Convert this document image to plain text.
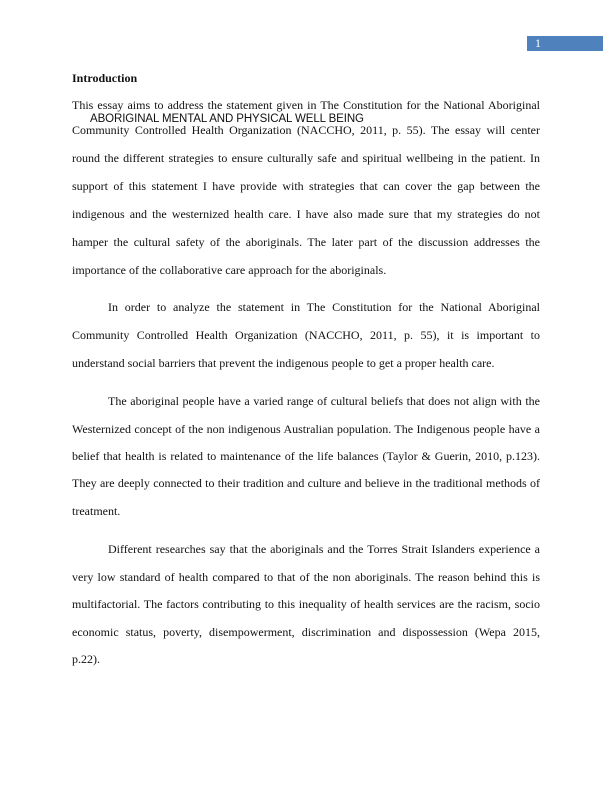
1
Introduction
ABORIGINAL MENTAL AND PHYSICAL WELL BEING
This essay aims to address the statement given in The Constitution for the National Aboriginal
Community Controlled Health Organization (NACCHO, 2011, p. 55). The essay will center
round the different strategies to ensure culturally safe and spiritual wellbeing in the patient. In
support of this statement I have provide with strategies that can cover the gap between the
indigenous and the westernized health care. I have also made sure that my strategies do not
hamper the cultural safety of the aboriginals. The later part of the discussion addresses the
importance of the collaborative care approach for the aboriginals.
In order to analyze the statement in The Constitution for the National Aboriginal
Community Controlled Health Organization (NACCHO, 2011, p. 55), it is important to
understand social barriers that prevent the indigenous people to get a proper health care.
The aboriginal people have a varied range of cultural beliefs that does not align with the
Westernized concept of the non indigenous Australian population. The Indigenous people have a
belief that health is related to maintenance of the life balances (Taylor & Guerin, 2010, p.123).
They are deeply connected to their tradition and culture and believe in the traditional methods of
treatment.
Different researches say that the aboriginals and the Torres Strait Islanders experience a
very low standard of health compared to that of the non aboriginals. The reason behind this is
multifactorial. The factors contributing to this inequality of health services are the racism, socio
economic status, poverty, disempowerment, discrimination and dispossession (Wepa 2015,
p.22).
